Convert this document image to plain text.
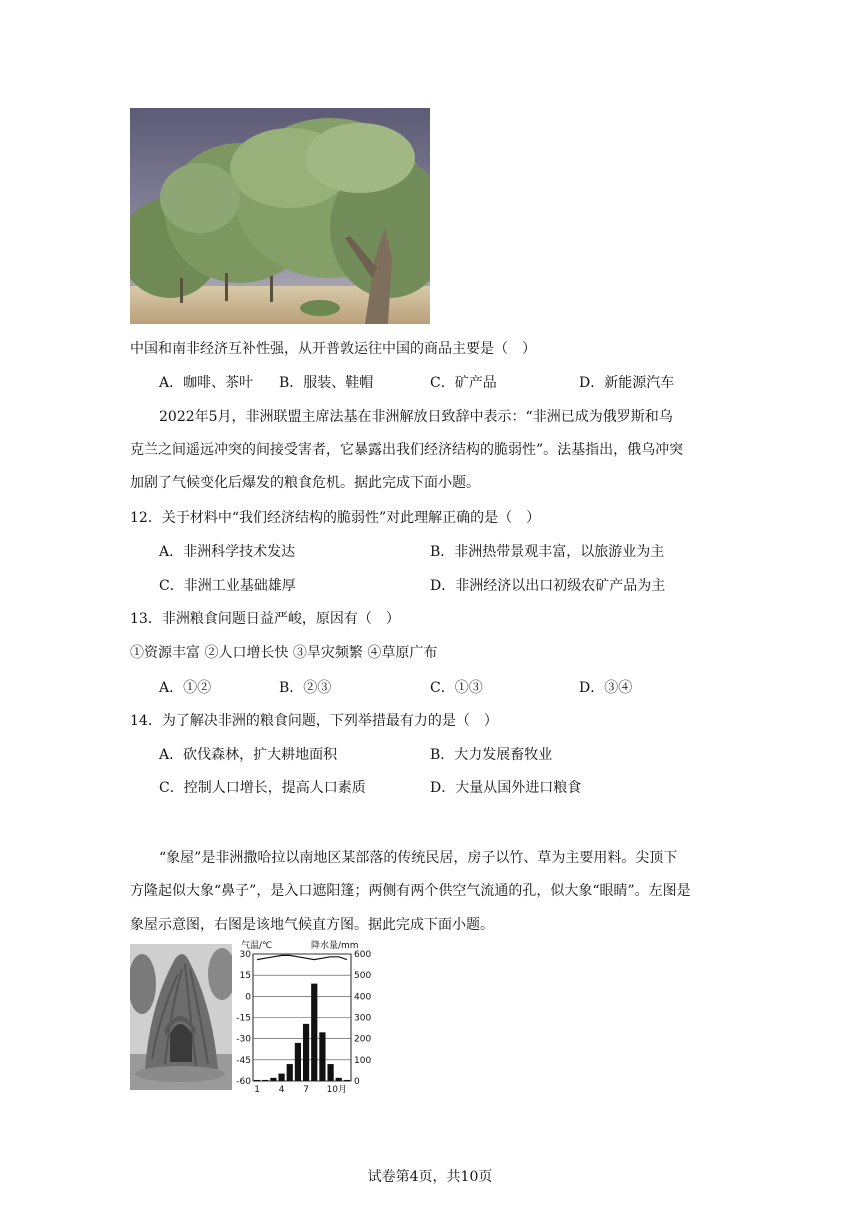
中国和南非经济互补性强，从开普敦运往中国的商品主要是（　）
A．咖啡、茶叶 B．服装、鞋帽	C．矿产品	D．新能源汽车
2022年5月，非洲联盟主席法基在非洲解放日致辞中表示：“非洲已成为俄罗斯和乌
克兰之间遥远冲突的间接受害者，它暴露出我们经济结构的脆弱性”。法基指出，俄乌冲突
加剧了气候变化后爆发的粮食危机。据此完成下面小题。
12．关于材料中“我们经济结构的脆弱性”对此理解正确的是（　）
A．非洲科学技术发达	B．非洲热带景观丰富，以旅游业为主
C．非洲工业基础雄厚	D．非洲经济以出口初级农矿产品为主
13．非洲粮食问题日益严峻，原因有（　）
①资源丰富 ②人口增长快 ③旱灾频繁 ④草原广布
A．①②	B．②③	C．①③	D．③④
14．为了解决非洲的粮食问题，下列举措最有力的是（　）
A．砍伐森林，扩大耕地面积	B．大力发展畜牧业
C．控制人口增长，提高人口素质	D．大量从国外进口粮食
“象屋”是非洲撒哈拉以南地区某部落的传统民居，房子以竹、草为主要用料。尖顶下
方隆起似大象“鼻子”，是入口遮阳篷；两侧有两个供空气流通的孔，似大象“眼睛”。左图是
象屋示意图，右图是该地气候直方图。据此完成下面小题。
气温/℃	降水量/mm
30	600
15	500
0	400
-15	300
-30	200
-45	100
-60	0
1 4 7 10月
试卷第4页，共10页
